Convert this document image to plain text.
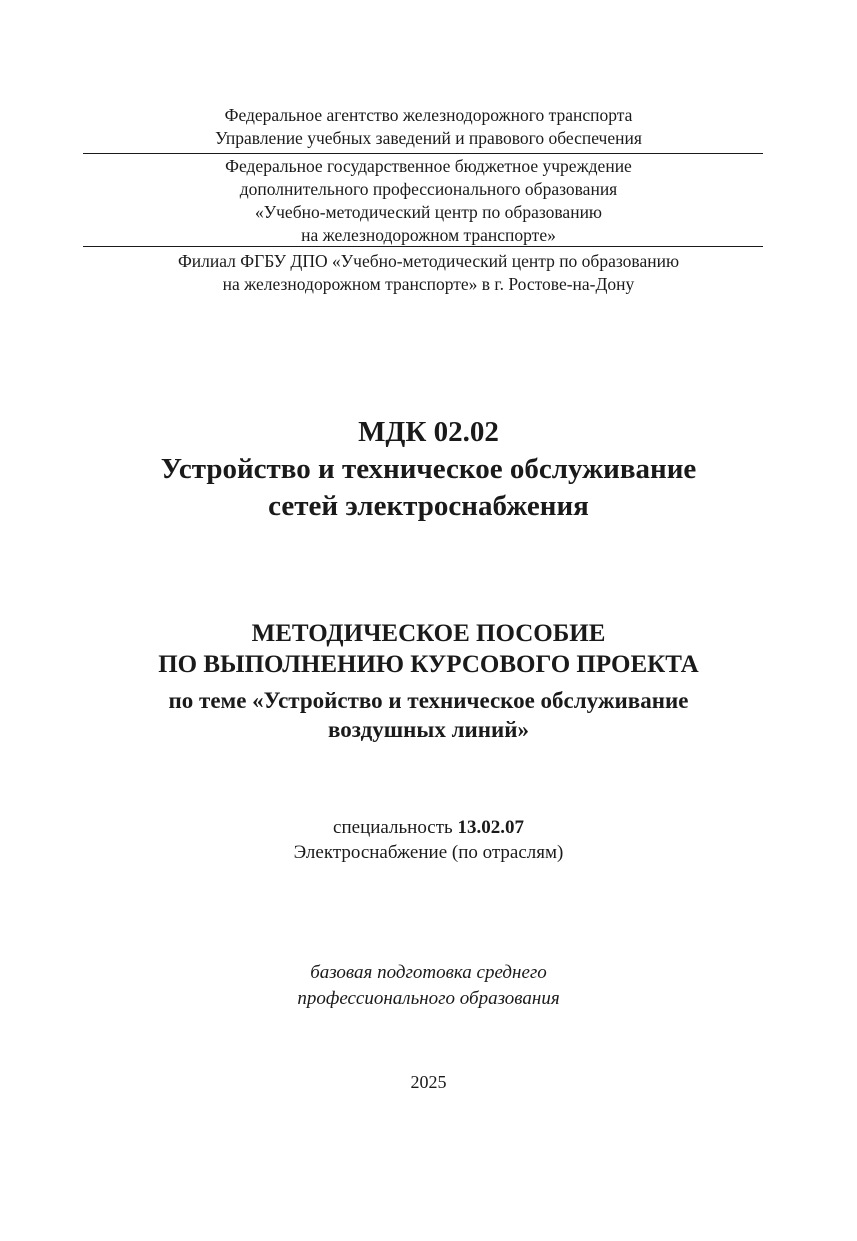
Федеральное агентство железнодорожного транспорта
Управление учебных заведений и правового обеспечения
Федеральное государственное бюджетное учреждение
дополнительного профессионального образования
«Учебно-методический центр по образованию
на железнодорожном транспорте»
Филиал ФГБУ ДПО «Учебно-методический центр по образованию
на железнодорожном транспорте» в г. Ростове-на-Дону
МДК 02.02
Устройство и техническое обслуживание
сетей электроснабжения
МЕТОДИЧЕСКОЕ ПОСОБИЕ
ПО ВЫПОЛНЕНИЮ КУРСОВОГО ПРОЕКТА
по теме «Устройство и техническое обслуживание
воздушных линий»
специальность 13.02.07
Электроснабжение (по отраслям)
базовая подготовка среднего
профессионального образования
2025
